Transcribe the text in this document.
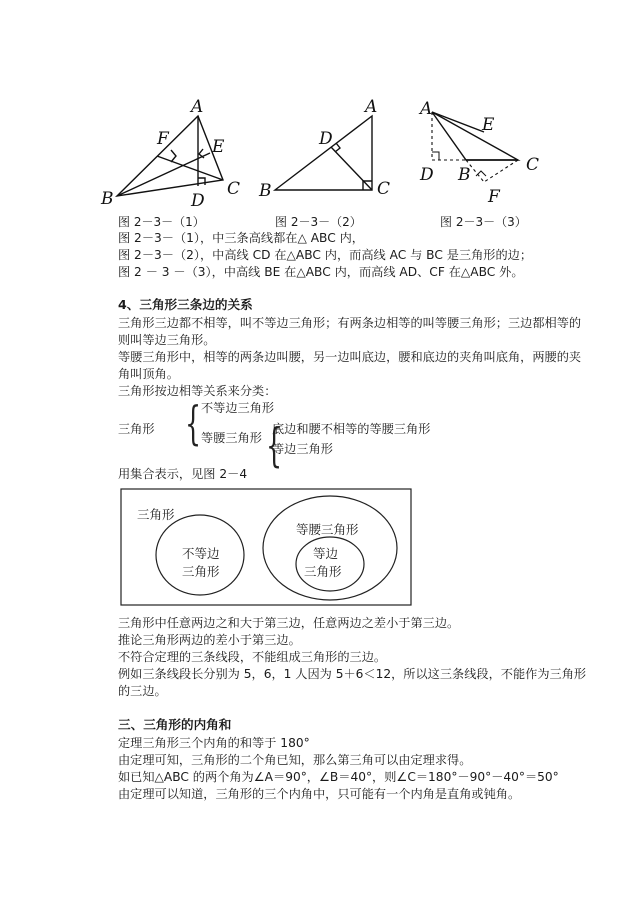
A
B	C
D
E
F
A
B	C
D
A
B	C
D
E
F
图 2－3－（1）	图 2－3－（2）	图 2－3－（3）
图 2－3－（1），中三条高线都在△ ABC 内，
图 2－3－（2），中高线 CD 在△ABC 内，而高线 AC 与 BC 是三角形的边；
图 2 － 3 －（3），中高线 BE 在△ABC 内，而高线 AD、CF 在△ABC 外。
4、三角形三条边的关系
三角形三边都不相等，叫不等边三角形；有两条边相等的叫等腰三角形；三边都相等的
则叫等边三角形。
等腰三角形中，相等的两条边叫腰，另一边叫底边，腰和底边的夹角叫底角，两腰的夹
角叫顶角。
三角形按边相等关系来分类：
三角形 { 不等边三角形
等腰三角形 {
底边和腰不相等的等腰三角形
等边三角形
用集合表示，见图 2－4
三角形
不等边
三角形
等腰三角形
等边
三角形
三角形中任意两边之和大于第三边，任意两边之差小于第三边。
推论三角形两边的差小于第三边。
不符合定理的三条线段，不能组成三角形的三边。
例如三条线段长分别为 5，6，1 人因为 5＋6＜12，所以这三条线段，不能作为三角形
的三边。
三、三角形的内角和
定理三角形三个内角的和等于 180°
由定理可知，三角形的二个角已知，那么第三角可以由定理求得。
如已知△ABC 的两个角为∠A＝90°，∠B＝40°，则∠C＝180°－90°－40°＝50°
由定理可以知道，三角形的三个内角中，只可能有一个内角是直角或钝角。
